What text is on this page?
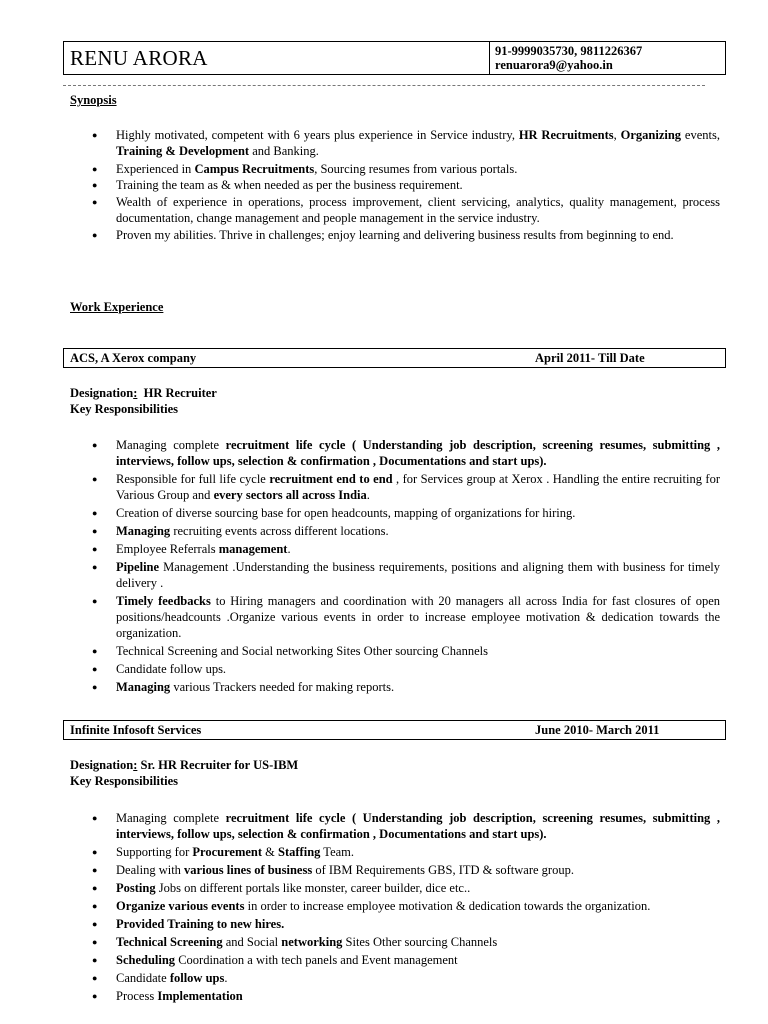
RENU ARORA	91-9999035730, 9811226367
renuarora9@yahoo.in
Synopsis
● Highly motivated, competent with 6 years plus experience in Service industry, HR Recruitments, Organizing events, Training & Development and Banking.
● Experienced in Campus Recruitments, Sourcing resumes from various portals.
● Training the team as & when needed as per the business requirement.
● Wealth of experience in operations, process improvement, client servicing, analytics, quality management, process documentation, change management and people management in the service industry.
● Proven my abilities. Thrive in challenges; enjoy learning and delivering business results from beginning to end.
Work Experience
ACS, A Xerox company	April 2011- Till Date
Designation:  HR Recruiter
Key Responsibilities
● Managing complete recruitment life cycle ( Understanding job description, screening resumes, submitting , interviews, follow ups, selection & confirmation , Documentations and start ups).
● Responsible for full life cycle recruitment end to end , for Services group at Xerox . Handling the entire recruiting for Various Group and every sectors all across India.
● Creation of diverse sourcing base for open headcounts, mapping of organizations for hiring.
● Managing recruiting events across different locations.
● Employee Referrals management.
● Pipeline Management .Understanding the business requirements, positions and aligning them with business for timely delivery .
● Timely feedbacks to Hiring managers and coordination with 20 managers all across India for fast closures of open positions/headcounts .Organize various events in order to increase employee motivation & dedication towards the organization.
● Technical Screening and Social networking Sites Other sourcing Channels
● Candidate follow ups.
● Managing various Trackers needed for making reports.
Infinite Infosoft Services	June 2010- March 2011
Designation: Sr. HR Recruiter for US-IBM
Key Responsibilities
● Managing complete recruitment life cycle ( Understanding job description, screening resumes, submitting , interviews, follow ups, selection & confirmation , Documentations and start ups).
● Supporting for Procurement & Staffing Team.
● Dealing with various lines of business of IBM Requirements GBS, ITD & software group.
● Posting Jobs on different portals like monster, career builder, dice etc..
● Organize various events in order to increase employee motivation & dedication towards the organization.
● Provided Training to new hires.
● Technical Screening and Social networking Sites Other sourcing Channels
● Scheduling Coordination a with tech panels and Event management
● Candidate follow ups.
● Process Implementation
